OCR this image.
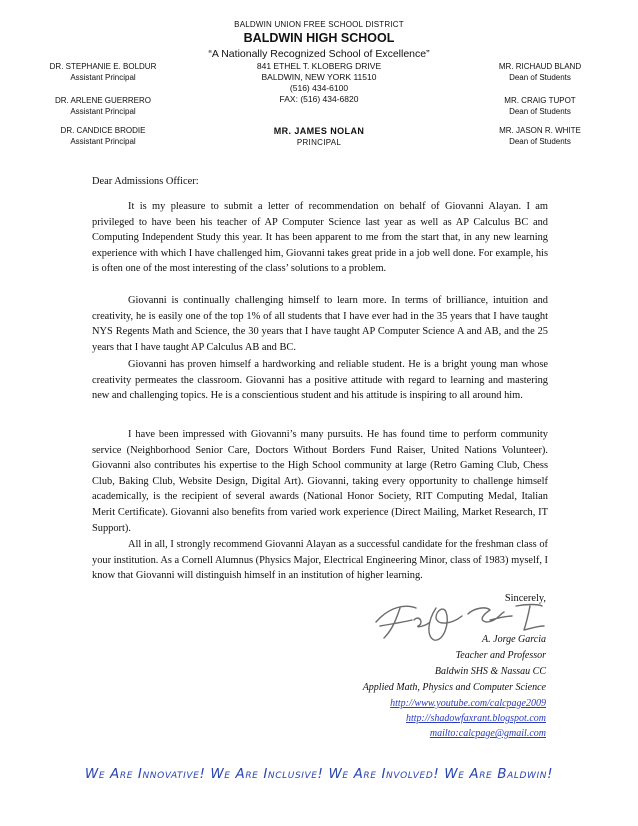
BALDWIN UNION FREE SCHOOL DISTRICT
BALDWIN HIGH SCHOOL
“A Nationally Recognized School of Excellence”
841 ETHEL T. KLOBERG DRIVE
BALDWIN, NEW YORK 11510
(516) 434-6100
FAX: (516) 434-6820
MR. JAMES NOLAN
PRINCIPAL
DR. STEPHANIE E. BOLDUR
Assistant Principal
DR. ARLENE GUERRERO
Assistant Principal
DR. CANDICE BRODIE
Assistant Principal
MR. RICHAUD BLAND
Dean of Students
MR. CRAIG TUPOT
Dean of Students
MR. JASON R. WHITE
Dean of Students
Dear Admissions Officer:

It is my pleasure to submit a letter of recommendation on behalf of Giovanni Alayan. I am privileged to have been his teacher of AP Computer Science last year as well as AP Calculus BC and Computing Independent Study this year. It has been apparent to me from the start that, in any new learning experience with which I have challenged him, Giovanni takes great pride in a job well done. For example, his is often one of the most interesting of the class’ solutions to a problem.

Giovanni is continually challenging himself to learn more. In terms of brilliance, intuition and creativity, he is easily one of the top 1% of all students that I have ever had in the 35 years that I have taught NYS Regents Math and Science, the 30 years that I have taught AP Computer Science A and AB, and the 25 years that I have taught AP Calculus AB and BC.

Giovanni has proven himself a hardworking and reliable student. He is a bright young man whose creativity permeates the classroom. Giovanni has a positive attitude with regard to learning and mastering new and challenging topics. He is a conscientious student and his attitude is inspiring to all around him.

I have been impressed with Giovanni’s many pursuits. He has found time to perform community service (Neighborhood Senior Care, Doctors Without Borders Fund Raiser, United Nations Volunteer). Giovanni also contributes his expertise to the High School community at large (Retro Gaming Club, Chess Club, Baking Club, Website Design, Digital Art). Giovanni, taking every opportunity to challenge himself academically, is the recipient of several awards (National Honor Society, RIT Computing Medal, Italian Merit Certificate). Giovanni also benefits from varied work experience (Direct Mailing, Market Research, IT Support).

All in all, I strongly recommend Giovanni Alayan as a successful candidate for the freshman class of your institution. As a Cornell Alumnus (Physics Major, Electrical Engineering Minor, class of 1983) myself, I know that Giovanni will distinguish himself in an institution of higher learning.

Sincerely,
A. Jorge Garcia
Teacher and Professor
Baldwin SHS & Nassau CC
Applied Math, Physics and Computer Science
http://www.youtube.com/calcpage2009
http://shadowfaxrant.blogspot.com
mailto:calcpage@gmail.com
We Are Innovative! We Are Inclusive! We Are Involved! We Are Baldwin!
